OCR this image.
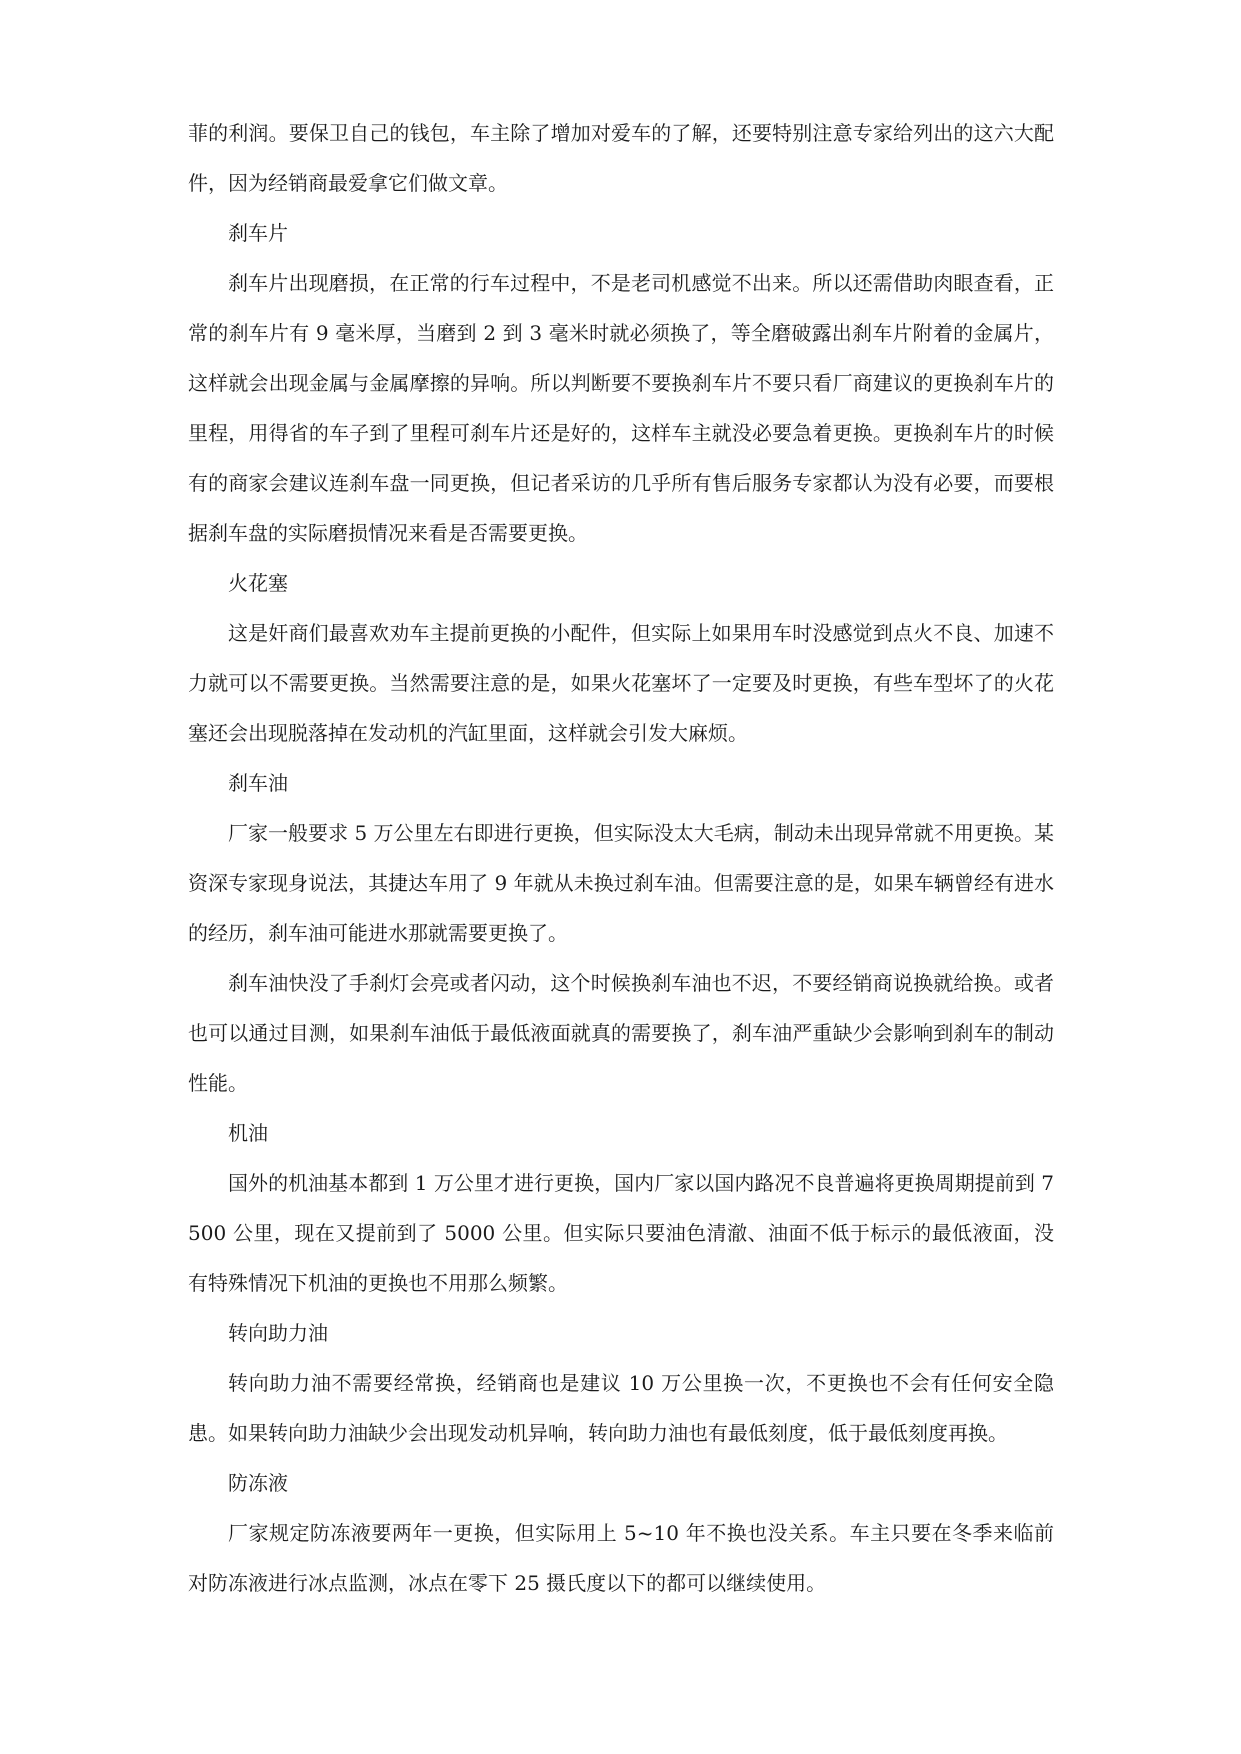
菲的利润。要保卫自己的钱包，车主除了增加对爱车的了解，还要特别注意专家给列出的这六大配件，因为经销商最爱拿它们做文章。

刹车片

刹车片出现磨损，在正常的行车过程中，不是老司机感觉不出来。所以还需借助肉眼查看，正常的刹车片有 9 毫米厚，当磨到 2 到 3 毫米时就必须换了，等全磨破露出刹车片附着的金属片，这样就会出现金属与金属摩擦的异响。所以判断要不要换刹车片不要只看厂商建议的更换刹车片的里程，用得省的车子到了里程可刹车片还是好的，这样车主就没必要急着更换。更换刹车片的时候有的商家会建议连刹车盘一同更换，但记者采访的几乎所有售后服务专家都认为没有必要，而要根据刹车盘的实际磨损情况来看是否需要更换。

火花塞

这是奸商们最喜欢劝车主提前更换的小配件，但实际上如果用车时没感觉到点火不良、加速不力就可以不需要更换。当然需要注意的是，如果火花塞坏了一定要及时更换，有些车型坏了的火花塞还会出现脱落掉在发动机的汽缸里面，这样就会引发大麻烦。

刹车油

厂家一般要求 5 万公里左右即进行更换，但实际没太大毛病，制动未出现异常就不用更换。某资深专家现身说法，其捷达车用了 9 年就从未换过刹车油。但需要注意的是，如果车辆曾经有进水的经历，刹车油可能进水那就需要更换了。

刹车油快没了手刹灯会亮或者闪动，这个时候换刹车油也不迟，不要经销商说换就给换。或者也可以通过目测，如果刹车油低于最低液面就真的需要换了，刹车油严重缺少会影响到刹车的制动性能。

机油

国外的机油基本都到 1 万公里才进行更换，国内厂家以国内路况不良普遍将更换周期提前到 7500 公里，现在又提前到了 5000 公里。但实际只要油色清澈、油面不低于标示的最低液面，没有特殊情况下机油的更换也不用那么频繁。

转向助力油

转向助力油不需要经常换，经销商也是建议 10 万公里换一次，不更换也不会有任何安全隐患。如果转向助力油缺少会出现发动机异响，转向助力油也有最低刻度，低于最低刻度再换。

防冻液

厂家规定防冻液要两年一更换，但实际用上 5~10 年不换也没关系。车主只要在冬季来临前对防冻液进行冰点监测，冰点在零下 25 摄氏度以下的都可以继续使用。
